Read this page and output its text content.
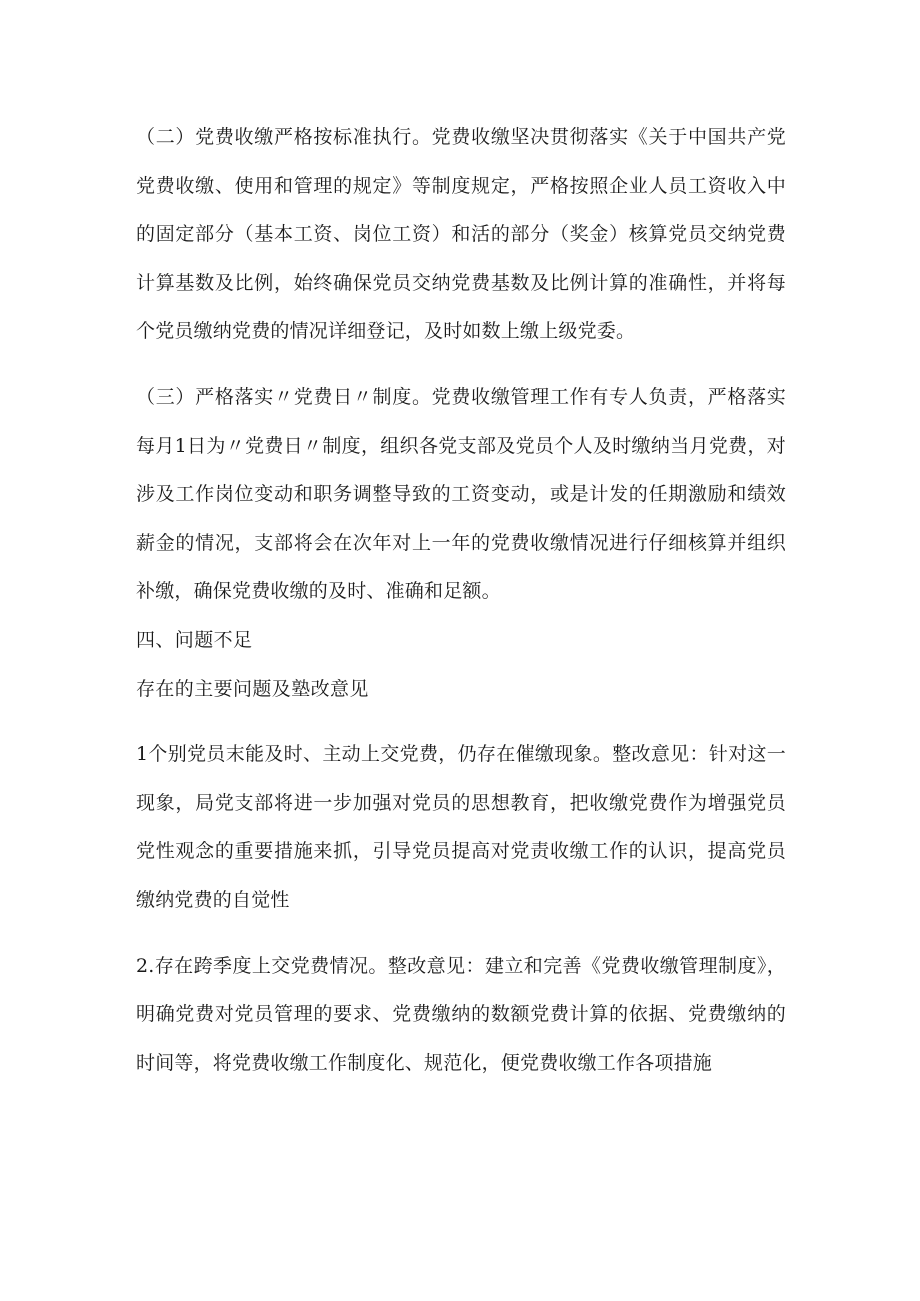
（二）党费收缴严格按标准执行。党费收缴坚决贯彻落实《关于中国共产党党费收缴、使用和管理的规定》等制度规定，严格按照企业人员工资收入中的固定部分（基本工资、岗位工资）和活的部分（奖金）核算党员交纳党费计算基数及比例，始终确保党员交纳党费基数及比例计算的准确性，并将每个党员缴纳党费的情况详细登记，及时如数上缴上级党委。

（三）严格落实〃党费日〃制度。党费收缴管理工作有专人负责，严格落实每月1日为〃党费日〃制度，组织各党支部及党员个人及时缴纳当月党费，对涉及工作岗位变动和职务调整导致的工资变动，或是计发的任期激励和绩效薪金的情况，支部将会在次年对上一年的党费收缴情况进行仔细核算并组织补缴，确保党费收缴的及时、准确和足额。

四、问题不足

存在的主要问题及塾改意见

1个别党员末能及时、主动上交党费，仍存在催缴现象。整改意见：针对这一现象，局党支部将进一步加强对党员的思想教育，把收缴党费作为增强党员党性观念的重要措施来抓，引导党员提高对党责收缴工作的认识，提高党员缴纳党费的自觉性

2.存在跨季度上交党费情况。整改意见：建立和完善《党费收缴管理制度》，明确党费对党员管理的要求、党费缴纳的数额党费计算的依据、党费缴纳的时间等，将党费收缴工作制度化、规范化，便党费收缴工作各项措施
